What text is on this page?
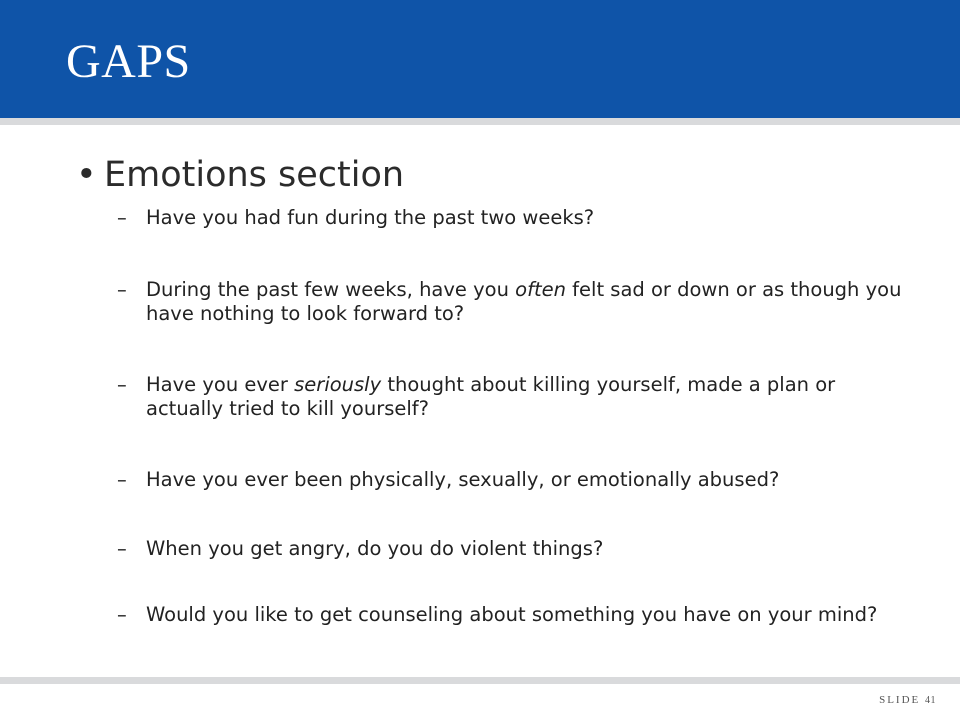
GAPS
• Emotions section
– Have you had fun during the past two weeks?
– During the past few weeks, have you often felt sad or down or as though you have nothing to look forward to?
– Have you ever seriously thought about killing yourself, made a plan or actually tried to kill yourself?
– Have you ever been physically, sexually, or emotionally abused?
– When you get angry, do you do violent things?
– Would you like to get counseling about something you have on your mind?
SLIDE 41
